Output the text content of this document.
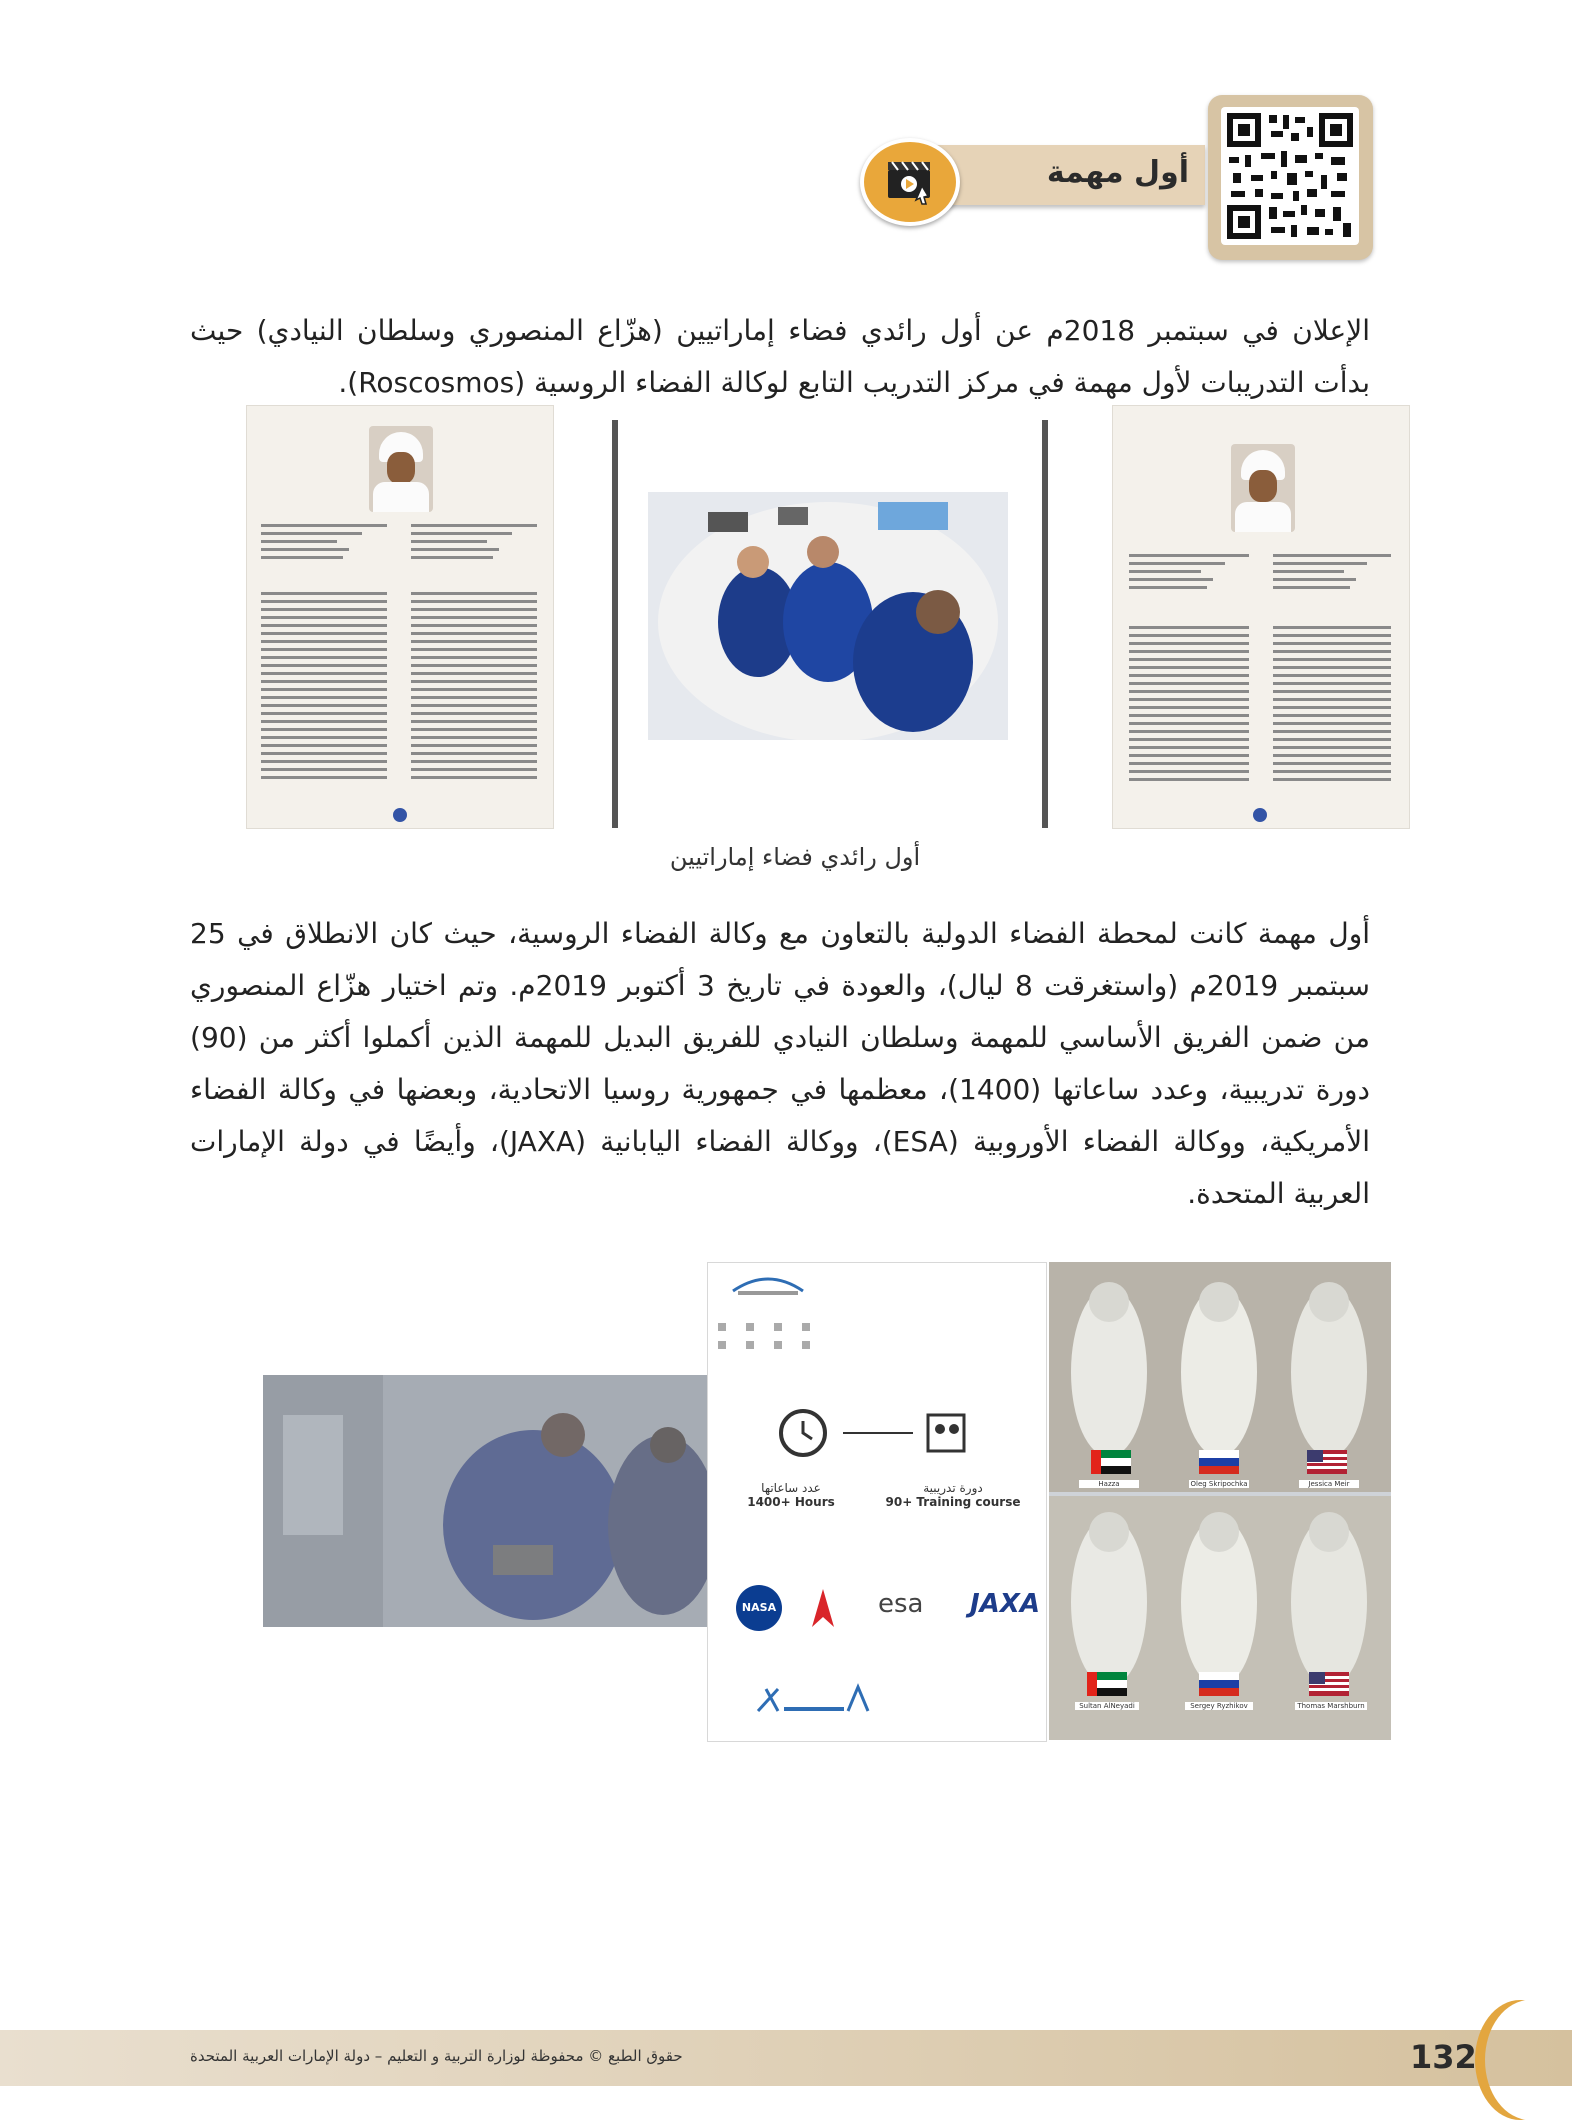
أول مهمة
الإعلان في سبتمبر 2018م عن أول رائدي فضاء إماراتيين (هزّاع المنصوري وسلطان النيادي) حيث بدأت التدريبات لأول مهمة في مركز التدريب التابع لوكالة الفضاء الروسية (Roscosmos).
أول رائدي فضاء إماراتيين
أول مهمة كانت لمحطة الفضاء الدولية بالتعاون مع وكالة الفضاء الروسية، حيث كان الانطلاق في 25 سبتمبر 2019م (واستغرقت 8 ليال)، والعودة في تاريخ 3 أكتوبر 2019م. وتم اختيار هزّاع المنصوري من ضمن الفريق الأساسي للمهمة وسلطان النيادي للفريق البديل للمهمة الذين أكملوا أكثر من (90) دورة تدريبية، وعدد ساعاتها (1400)، معظمها في جمهورية روسيا الاتحادية، وبعضها في وكالة الفضاء الأمريكية، ووكالة الفضاء الأوروبية (ESA)، ووكالة الفضاء اليابانية (JAXA)، وأيضًا في دولة الإمارات العربية المتحدة.
عدد ساعاتها
1400+ Hours
دورة تدريبية
90+ Training course
NASA	esa JAXA
Hazza	Oleg Skripochka	Jessica Meir
Sultan AlNeyadi	Sergey Ryzhikov	Thomas Marshburn
حقوق الطبع © محفوظة لوزارة التربية و التعليم – دولة الإمارات العربية المتحدة	132
